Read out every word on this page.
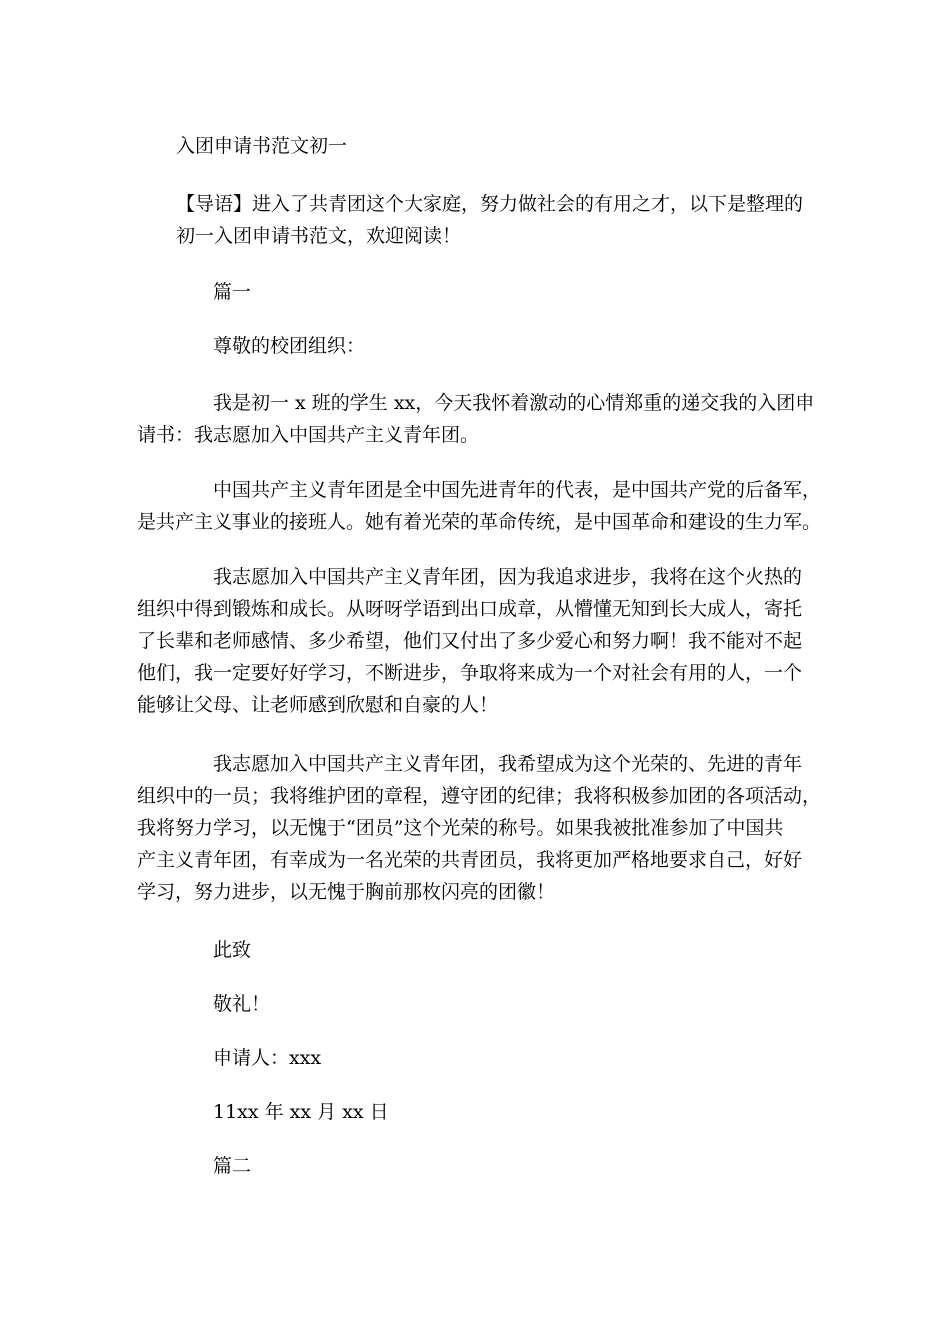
入团申请书范文初一

【导语】进入了共青团这个大家庭，努力做社会的有用之才，以下是整理的
初一入团申请书范文，欢迎阅读！

篇一

尊敬的校团组织：

我是初一 x 班的学生 xx，今天我怀着激动的心情郑重的递交我的入团申
请书：我志愿加入中国共产主义青年团。
中国共产主义青年团是全中国先进青年的代表，是中国共产党的后备军，
是共产主义事业的接班人。她有着光荣的革命传统，是中国革命和建设的生力军。
我志愿加入中国共产主义青年团，因为我追求进步，我将在这个火热的
组织中得到锻炼和成长。从呀呀学语到出口成章，从懵懂无知到长大成人，寄托
了长辈和老师感情、多少希望，他们又付出了多少爱心和努力啊！我不能对不起
他们，我一定要好好学习，不断进步，争取将来成为一个对社会有用的人，一个
能够让父母、让老师感到欣慰和自豪的人！
我志愿加入中国共产主义青年团，我希望成为这个光荣的、先进的青年
组织中的一员；我将维护团的章程，遵守团的纪律；我将积极参加团的各项活动，
我将努力学习，以无愧于“团员”这个光荣的称号。如果我被批准参加了中国共
产主义青年团，有幸成为一名光荣的共青团员，我将更加严格地要求自己，好好
学习，努力进步，以无愧于胸前那枚闪亮的团徽！

此致

敬礼！

申请人：xxx

11xx 年 xx 月 xx 日

篇二
